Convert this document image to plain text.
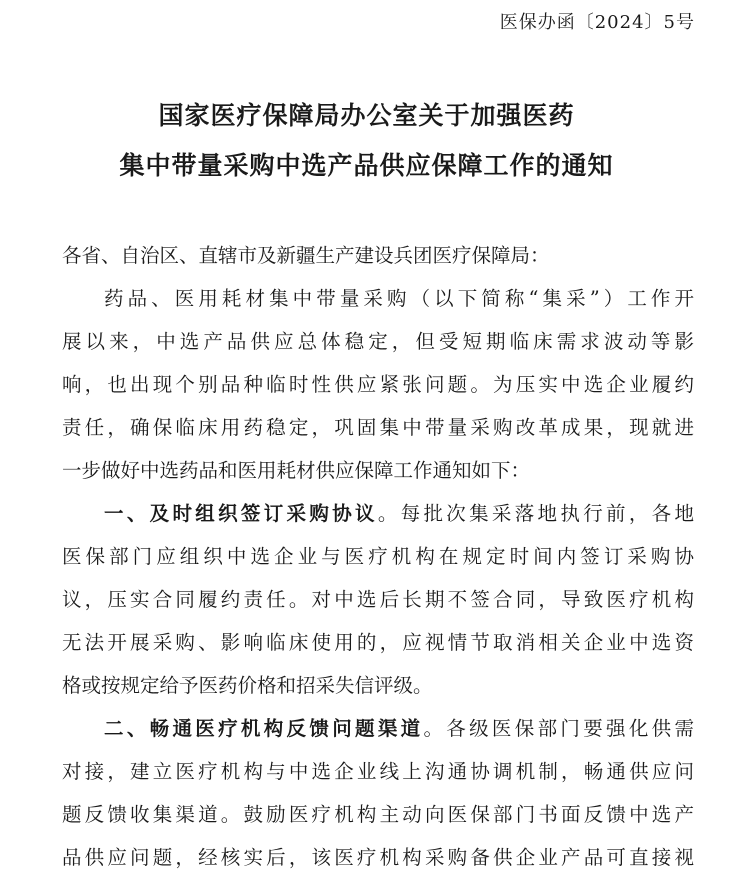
医保办函〔2024〕5号
国家医疗保障局办公室关于加强医药
集中带量采购中选产品供应保障工作的通知
各省、自治区、直辖市及新疆生产建设兵团医疗保障局：
药品、医用耗材集中带量采购（以下简称“集采”）工作开
展以来，中选产品供应总体稳定，但受短期临床需求波动等影
响，也出现个别品种临时性供应紧张问题。为压实中选企业履约
责任，确保临床用药稳定，巩固集中带量采购改革成果，现就进
一步做好中选药品和医用耗材供应保障工作通知如下：
一、及时组织签订采购协议。每批次集采落地执行前，各地
医保部门应组织中选企业与医疗机构在规定时间内签订采购协
议，压实合同履约责任。对中选后长期不签合同，导致医疗机构
无法开展采购、影响临床使用的，应视情节取消相关企业中选资
格或按规定给予医药价格和招采失信评级。
二、畅通医疗机构反馈问题渠道。各级医保部门要强化供需
对接，建立医疗机构与中选企业线上沟通协调机制，畅通供应问
题反馈收集渠道。鼓励医疗机构主动向医保部门书面反馈中选产
品供应问题，经核实后，该医疗机构采购备供企业产品可直接视
